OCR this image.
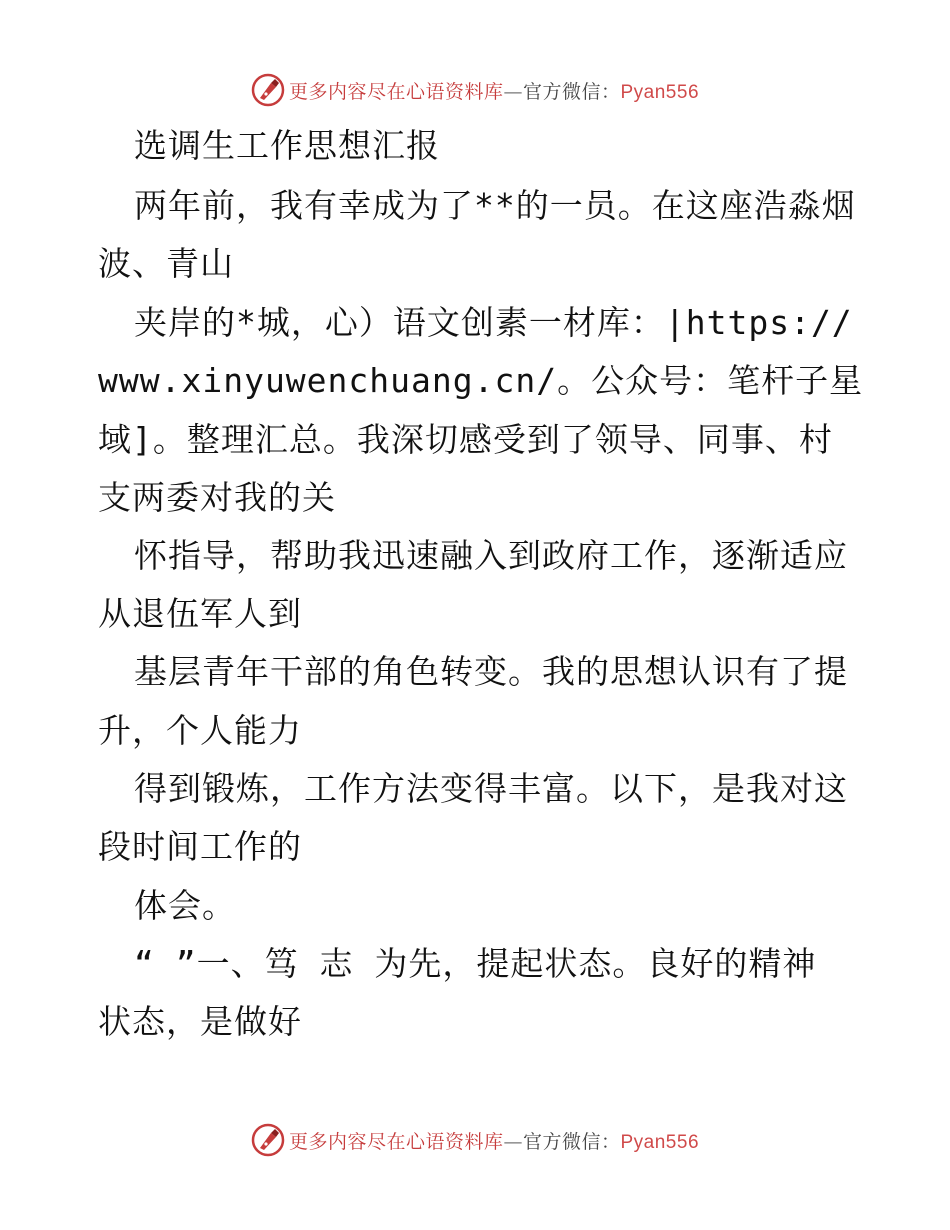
更多内容尽在心语资料库—官方微信：Pyan556
选调生工作思想汇报
两年前，我有幸成为了**的一员。在这座浩淼烟
波、青山
夹岸的*城，心）语文创素一材库：|https://
www.xinyuwenchuang.cn/。公众号：笔杆子星
域]。整理汇总。我深切感受到了领导、同事、村
支两委对我的关
怀指导，帮助我迅速融入到政府工作，逐渐适应
从退伍军人到
基层青年干部的角色转变。我的思想认识有了提
升，个人能力
得到锻炼，工作方法变得丰富。以下，是我对这
段时间工作的
体会。
“ ”一、笃 志 为先，提起状态。良好的精神
状态，是做好
更多内容尽在心语资料库—官方微信：Pyan556
